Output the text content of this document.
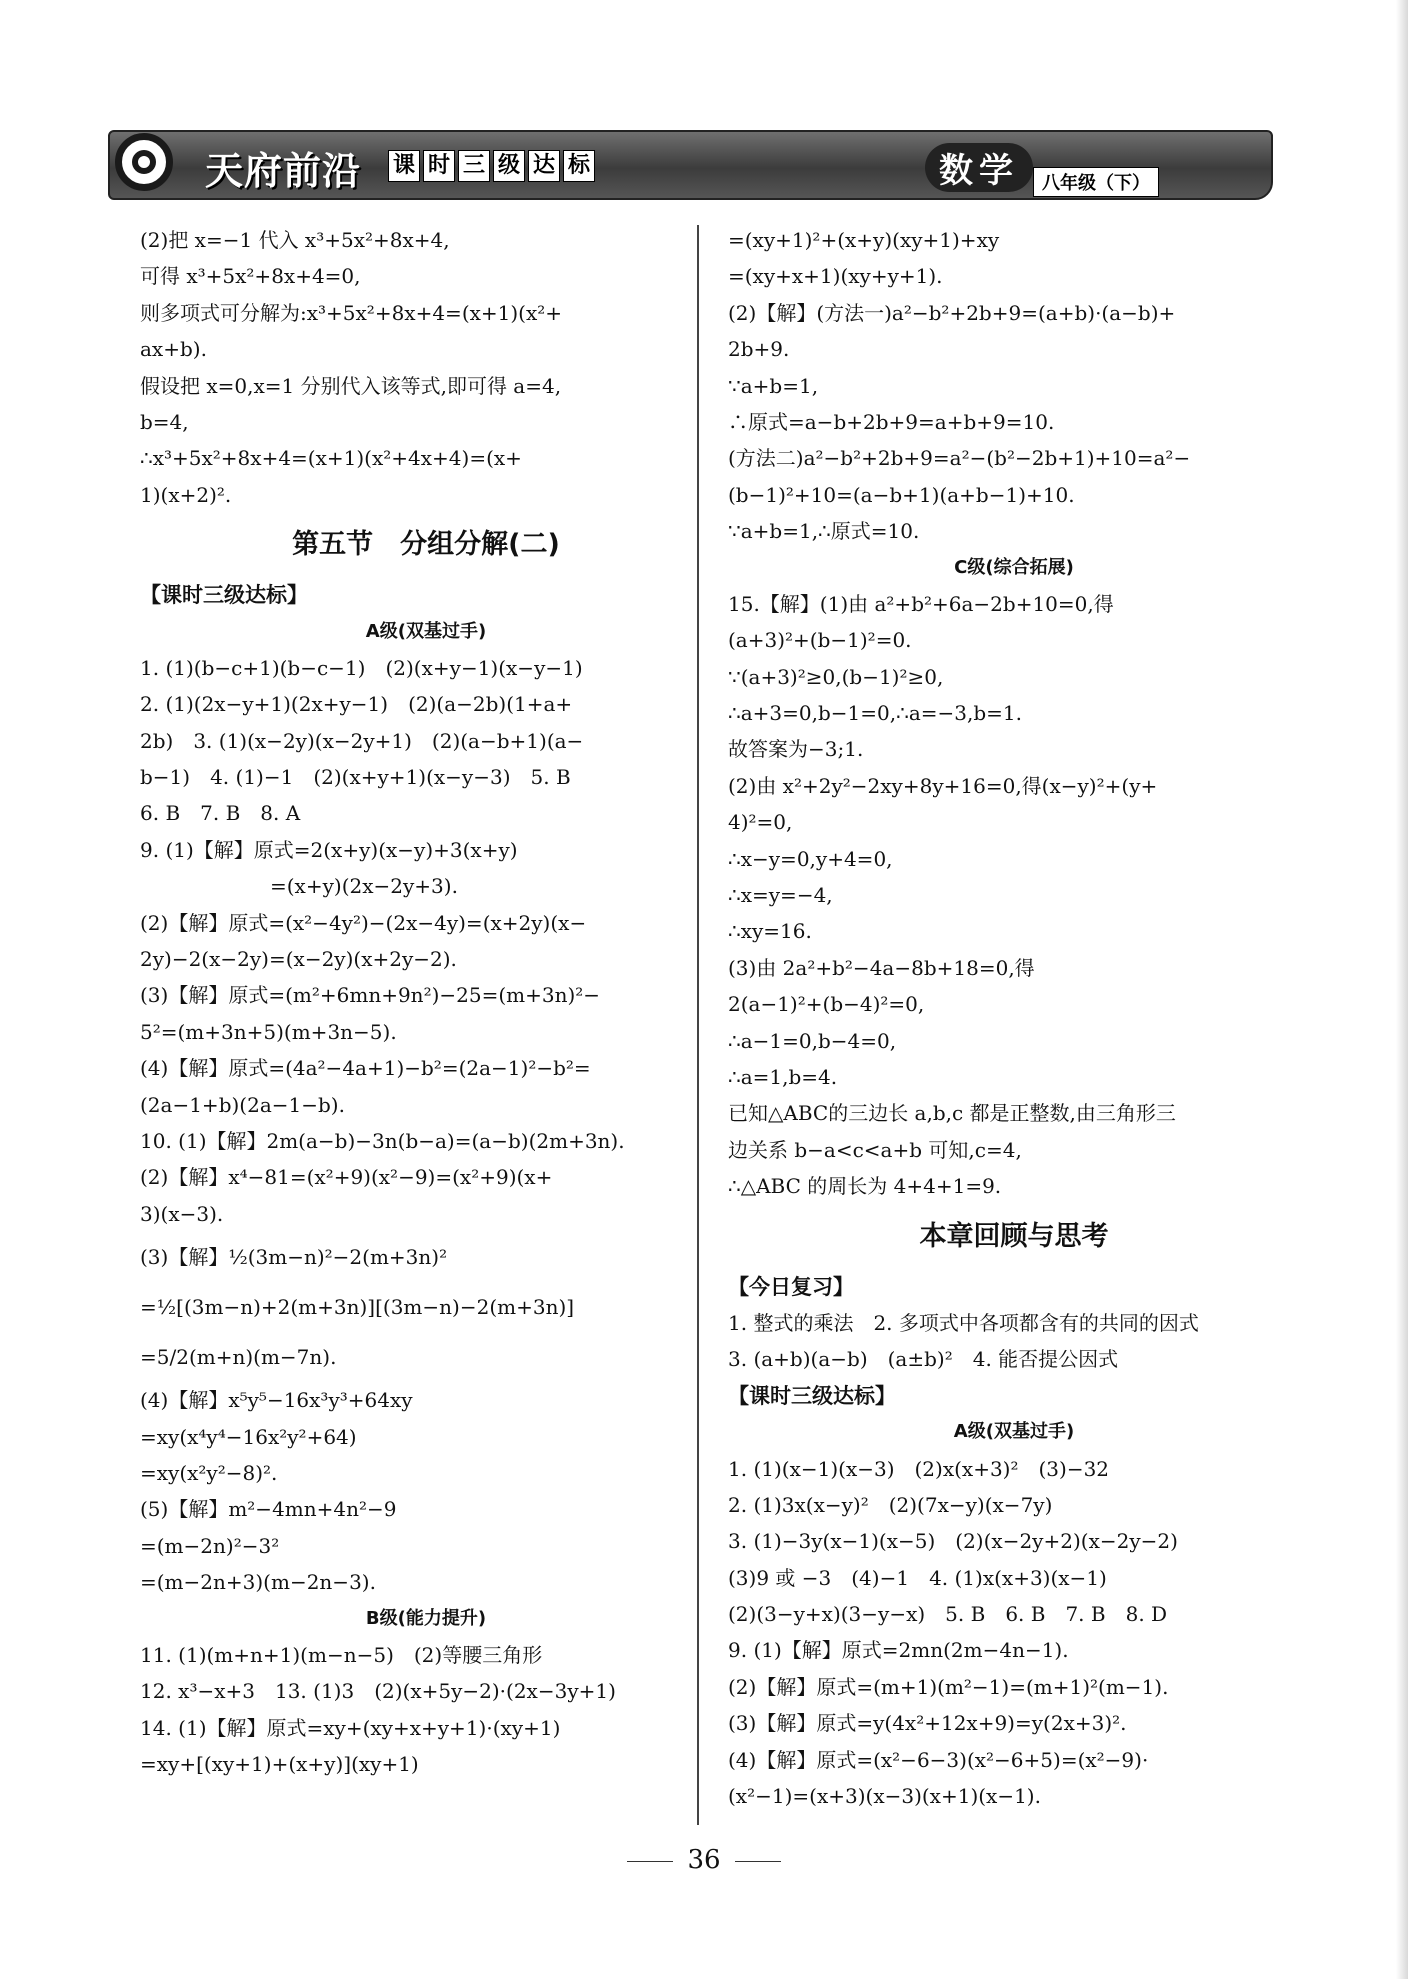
天府前沿 课 时 三 级 达 标	数学	八年级（下）
(2)把 x=−1 代入 x³+5x²+8x+4,
可得 x³+5x²+8x+4=0,
则多项式可分解为:x³+5x²+8x+4=(x+1)(x²+
ax+b).
假设把 x=0,x=1 分别代入该等式,即可得 a=4,
b=4,
∴x³+5x²+8x+4=(x+1)(x²+4x+4)=(x+
1)(x+2)².
第五节　分组分解(二)
【课时三级达标】
A级(双基过手)
1. (1)(b−c+1)(b−c−1)　(2)(x+y−1)(x−y−1)
2. (1)(2x−y+1)(2x+y−1)　(2)(a−2b)(1+a+
2b)　3. (1)(x−2y)(x−2y+1)　(2)(a−b+1)(a−
b−1)　4. (1)−1　(2)(x+y+1)(x−y−3)　5. B
6. B　7. B　8. A
9. (1)【解】原式=2(x+y)(x−y)+3(x+y)
=(x+y)(2x−2y+3).
(2)【解】原式=(x²−4y²)−(2x−4y)=(x+2y)(x−
2y)−2(x−2y)=(x−2y)(x+2y−2).
(3)【解】原式=(m²+6mn+9n²)−25=(m+3n)²−
5²=(m+3n+5)(m+3n−5).
(4)【解】原式=(4a²−4a+1)−b²=(2a−1)²−b²=
(2a−1+b)(2a−1−b).
10. (1)【解】2m(a−b)−3n(b−a)=(a−b)(2m+3n).
(2)【解】x⁴−81=(x²+9)(x²−9)=(x²+9)(x+
3)(x−3).
(3)【解】½(3m−n)²−2(m+3n)²
=½[(3m−n)+2(m+3n)][(3m−n)−2(m+3n)]
=5/2(m+n)(m−7n).
(4)【解】x⁵y⁵−16x³y³+64xy
=xy(x⁴y⁴−16x²y²+64)
=xy(x²y²−8)².
(5)【解】m²−4mn+4n²−9
=(m−2n)²−3²
=(m−2n+3)(m−2n−3).
B级(能力提升)
11. (1)(m+n+1)(m−n−5)　(2)等腰三角形
12. x³−x+3　13. (1)3　(2)(x+5y−2)·(2x−3y+1)
14. (1)【解】原式=xy+(xy+x+y+1)·(xy+1)
=xy+[(xy+1)+(x+y)](xy+1)
=(xy+1)²+(x+y)(xy+1)+xy
=(xy+x+1)(xy+y+1).
(2)【解】(方法一)a²−b²+2b+9=(a+b)·(a−b)+
2b+9.
∵a+b=1,
∴原式=a−b+2b+9=a+b+9=10.
(方法二)a²−b²+2b+9=a²−(b²−2b+1)+10=a²−
(b−1)²+10=(a−b+1)(a+b−1)+10.
∵a+b=1,∴原式=10.
C级(综合拓展)
15.【解】(1)由 a²+b²+6a−2b+10=0,得
(a+3)²+(b−1)²=0.
∵(a+3)²≥0,(b−1)²≥0,
∴a+3=0,b−1=0,∴a=−3,b=1.
故答案为−3;1.
(2)由 x²+2y²−2xy+8y+16=0,得(x−y)²+(y+
4)²=0,
∴x−y=0,y+4=0,
∴x=y=−4,
∴xy=16.
(3)由 2a²+b²−4a−8b+18=0,得
2(a−1)²+(b−4)²=0,
∴a−1=0,b−4=0,
∴a=1,b=4.
已知△ABC的三边长 a,b,c 都是正整数,由三角形三
边关系 b−a<c<a+b 可知,c=4,
∴△ABC 的周长为 4+4+1=9.
本章回顾与思考
【今日复习】
1. 整式的乘法　2. 多项式中各项都含有的共同的因式
3. (a+b)(a−b)　(a±b)²　4. 能否提公因式
【课时三级达标】
A级(双基过手)
1. (1)(x−1)(x−3)　(2)x(x+3)²　(3)−32
2. (1)3x(x−y)²　(2)(7x−y)(x−7y)
3. (1)−3y(x−1)(x−5)　(2)(x−2y+2)(x−2y−2)
(3)9 或 −3　(4)−1　4. (1)x(x+3)(x−1)
(2)(3−y+x)(3−y−x)　5. B　6. B　7. B　8. D
9. (1)【解】原式=2mn(2m−4n−1).
(2)【解】原式=(m+1)(m²−1)=(m+1)²(m−1).
(3)【解】原式=y(4x²+12x+9)=y(2x+3)².
(4)【解】原式=(x²−6−3)(x²−6+5)=(x²−9)·
(x²−1)=(x+3)(x−3)(x+1)(x−1).
36
